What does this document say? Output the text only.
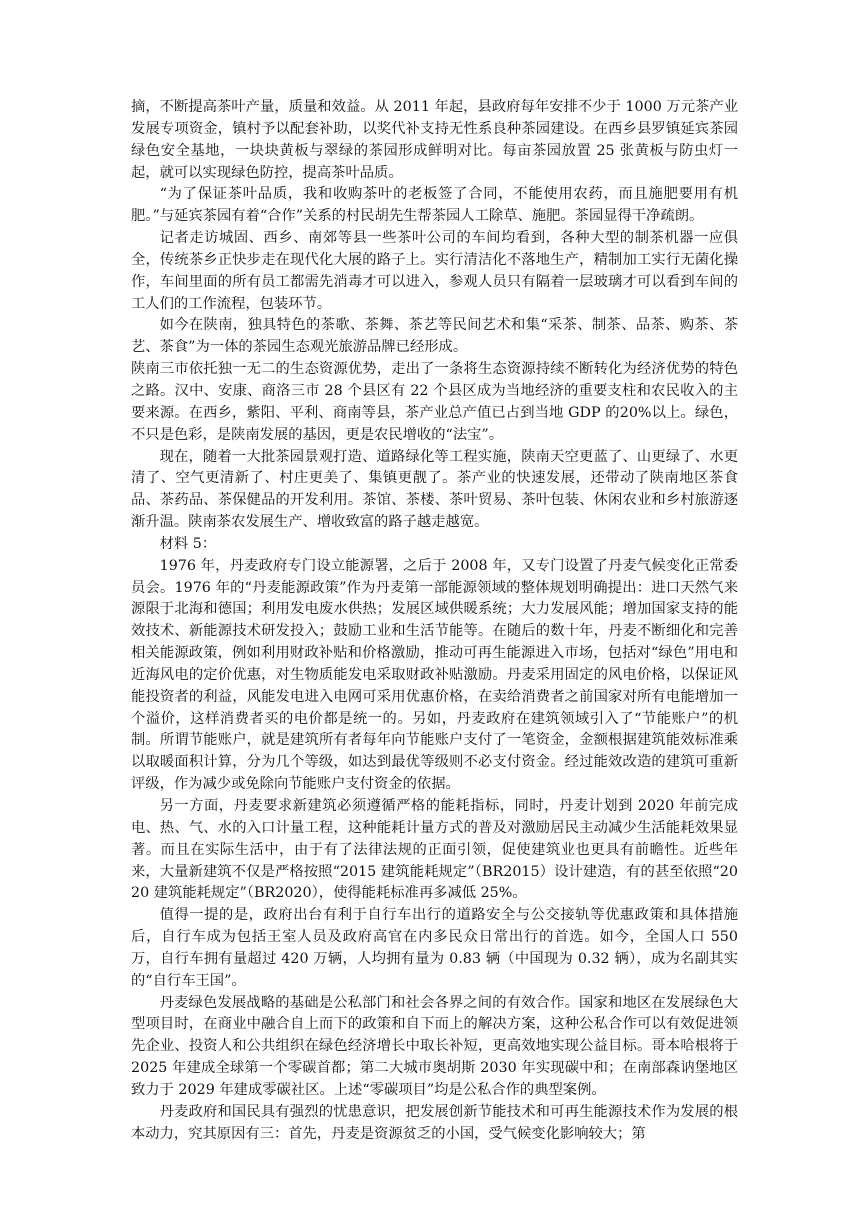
摘，不断提高茶叶产量，质量和效益。从 2011 年起，县政府每年安排不少于 1000 万元茶产业发展专项资金，镇村予以配套补助，以奖代补支持无性系良种茶园建设。在西乡县罗镇延宾茶园绿色安全基地，一块块黄板与翠绿的茶园形成鲜明对比。每亩茶园放置 25 张黄板与防虫灯一起，就可以实现绿色防控，提高茶叶品质。

“为了保证茶叶品质，我和收购茶叶的老板签了合同，不能使用农药，而且施肥要用有机肥。”与延宾茶园有着“合作”关系的村民胡先生帮茶园人工除草、施肥。茶园显得干净疏朗。

记者走访城固、西乡、南郊等县一些茶叶公司的车间均看到，各种大型的制茶机器一应俱全，传统茶乡正快步走在现代化大展的路子上。实行清洁化不落地生产，精制加工实行无菌化操作，车间里面的所有员工都需先消毒才可以进入，参观人员只有隔着一层玻璃才可以看到车间的工人们的工作流程，包装环节。

如今在陕南，独具特色的茶歌、茶舞、茶艺等民间艺术和集“采茶、制茶、品茶、购茶、茶艺、茶食”为一体的茶园生态观光旅游品牌已经形成。

陕南三市依托独一无二的生态资源优势，走出了一条将生态资源持续不断转化为经济优势的特色之路。汉中、安康、商洛三市 28 个县区有 22 个县区成为当地经济的重要支柱和农民收入的主要来源。在西乡，紫阳、平利、商南等县，茶产业总产值已占到当地 GDP 的20%以上。绿色，不只是色彩，是陕南发展的基因，更是农民增收的“法宝”。

现在，随着一大批茶园景观打造、道路绿化等工程实施，陕南天空更蓝了、山更绿了、水更清了、空气更清新了、村庄更美了、集镇更靓了。茶产业的快速发展，还带动了陕南地区茶食品、茶药品、茶保健品的开发利用。茶馆、茶楼、茶叶贸易、茶叶包装、休闲农业和乡村旅游逐渐升温。陕南茶农发展生产、增收致富的路子越走越宽。

材料 5：

1976 年，丹麦政府专门设立能源署，之后于 2008 年，又专门设置了丹麦气候变化正常委员会。1976 年的“丹麦能源政策”作为丹麦第一部能源领域的整体规划明确提出：进口天然气来源限于北海和德国；利用发电废水供热；发展区域供暖系统；大力发展风能；增加国家支持的能效技术、新能源技术研发投入；鼓励工业和生活节能等。在随后的数十年，丹麦不断细化和完善相关能源政策，例如利用财政补贴和价格激励，推动可再生能源进入市场，包括对“绿色”用电和近海风电的定价优惠，对生物质能发电采取财政补贴激励。丹麦采用固定的风电价格，以保证风能投资者的利益，风能发电进入电网可采用优惠价格，在卖给消费者之前国家对所有电能增加一个溢价，这样消费者买的电价都是统一的。另如，丹麦政府在建筑领域引入了“节能账户”的机制。所谓节能账户，就是建筑所有者每年向节能账户支付了一笔资金，金额根据建筑能效标准乘以取暖面积计算，分为几个等级，如达到最优等级则不必支付资金。经过能效改造的建筑可重新评级，作为减少或免除向节能账户支付资金的依据。

另一方面，丹麦要求新建筑必须遵循严格的能耗指标，同时，丹麦计划到 2020 年前完成电、热、气、水的入口计量工程，这种能耗计量方式的普及对激励居民主动减少生活能耗效果显著。而且在实际生活中，由于有了法律法规的正面引领，促使建筑业也更具有前瞻性。近些年来，大量新建筑不仅是严格按照“2015 建筑能耗规定”（BR2015）设计建造，有的甚至依照“2020 建筑能耗规定”（BR2020），使得能耗标准再多减低 25%。

值得一提的是，政府出台有利于自行车出行的道路安全与公交接轨等优惠政策和具体措施后，自行车成为包括王室人员及政府高官在内多民众日常出行的首选。如今，全国人口 550 万，自行车拥有量超过 420 万辆，人均拥有量为 0.83 辆（中国现为 0.32 辆），成为名副其实的“自行车王国”。

丹麦绿色发展战略的基础是公私部门和社会各界之间的有效合作。国家和地区在发展绿色大型项目时，在商业中融合自上而下的政策和自下而上的解决方案，这种公私合作可以有效促进领先企业、投资人和公共组织在绿色经济增长中取长补短，更高效地实现公益目标。哥本哈根将于 2025 年建成全球第一个零碳首都；第二大城市奥胡斯 2030 年实现碳中和；在南部森讷堡地区致力于 2029 年建成零碳社区。上述“零碳项目”均是公私合作的典型案例。

丹麦政府和国民具有强烈的忧患意识，把发展创新节能技术和可再生能源技术作为发展的根本动力，究其原因有三：首先，丹麦是资源贫乏的小国，受气候变化影响较大；第
